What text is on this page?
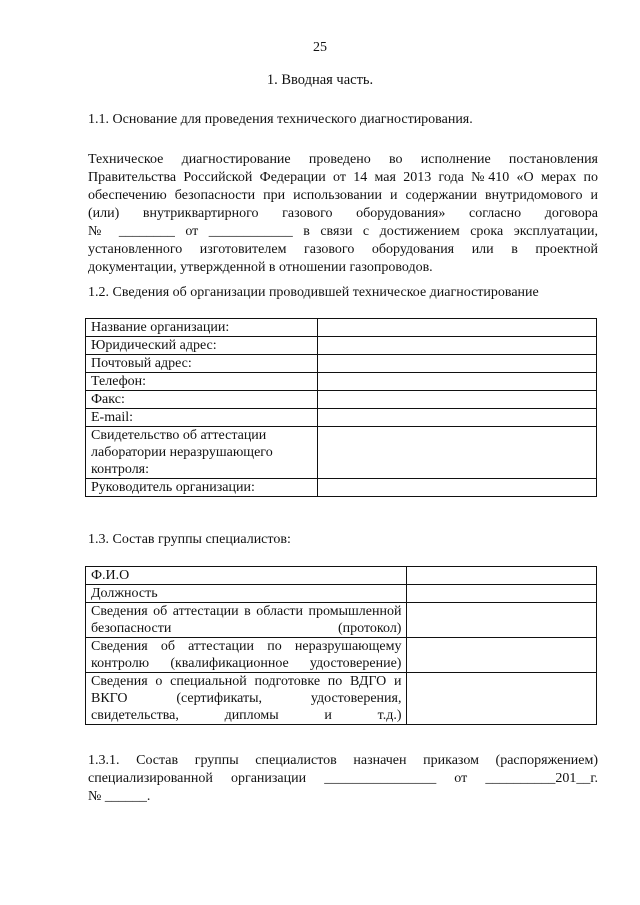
25
1. Вводная часть.
1.1. Основание для проведения технического диагностирования.
Техническое диагностирование проведено во исполнение постановления
Правительства Российской Федерации от 14 мая 2013 года №410 «О мерах по
обеспечению безопасности при использовании и содержании внутридомового и
(или) внутриквартирного газового оборудования» согласно договора
№ ________ от ____________ в связи с достижением срока эксплуатации,
установленного изготовителем газового оборудования или в проектной
документации, утвержденной в отношении газопроводов.
1.2. Сведения об организации проводившей техническое диагностирование
Название организации:	
Юридический адрес:	
Почтовый адрес:	
Телефон:	
Факс:	
E-mail:	
Свидетельство об аттестации лаборатории неразрушающего контроля:	
Руководитель организации:	
1.3. Состав группы специалистов:
Ф.И.О	
Должность	
Сведения об аттестации в области промышленной безопасности (протокол)	
Сведения об аттестации по неразрушающему контролю (квалификационное удостоверение)	
Сведения о специальной подготовке по ВДГО и ВКГО (сертификаты, удостоверения, свидетельства, дипломы и т.д.)	
1.3.1. Состав группы специалистов назначен приказом (распоряжением)
специализированной организации ________________ от __________201__г.
№ ______.
